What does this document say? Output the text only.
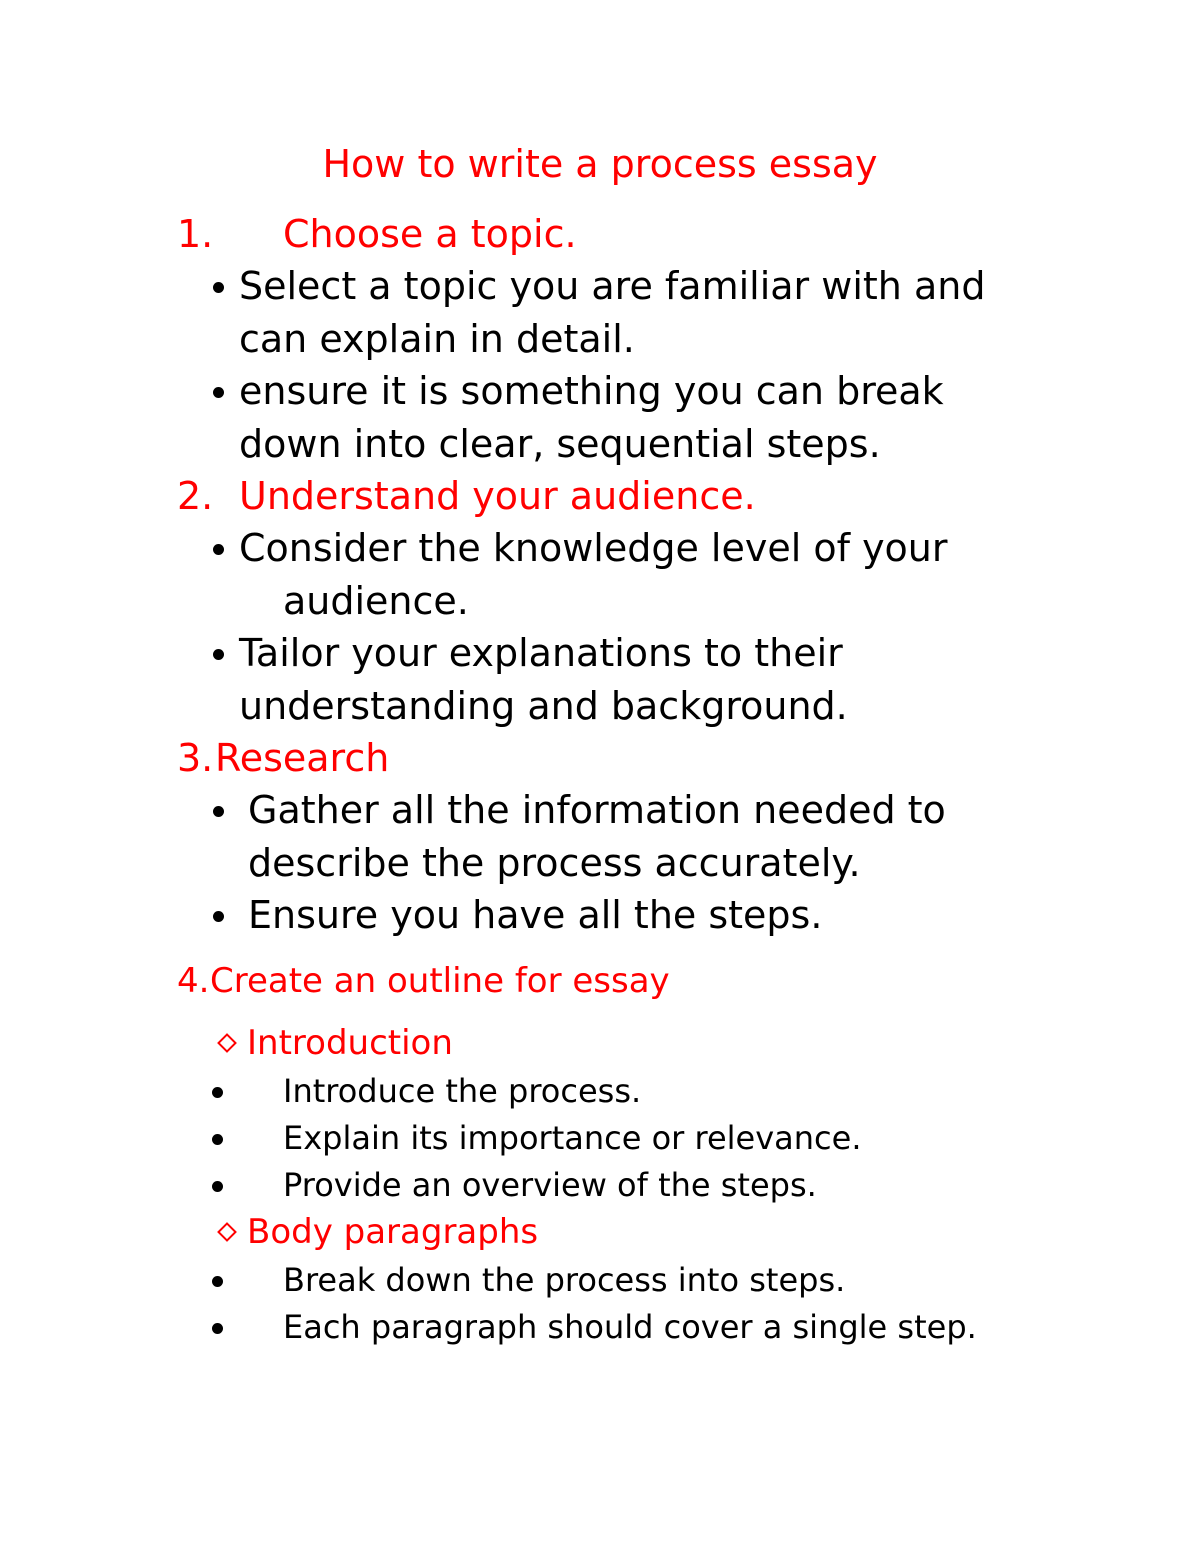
How to write a process essay
1. Choose a topic.
Select a topic you are familiar with and
can explain in detail.
ensure it is something you can break
down into clear, sequential steps.
2. Understand your audience.
Consider the knowledge level of your
audience.
Tailor your explanations to their
understanding and background.
3. Research
Gather all the information needed to
describe the process accurately.
Ensure you have all the steps.
4. Create an outline for essay
Introduction
Introduce the process.
Explain its importance or relevance.
Provide an overview of the steps.
Body paragraphs
Break down the process into steps.
Each paragraph should cover a single step.
